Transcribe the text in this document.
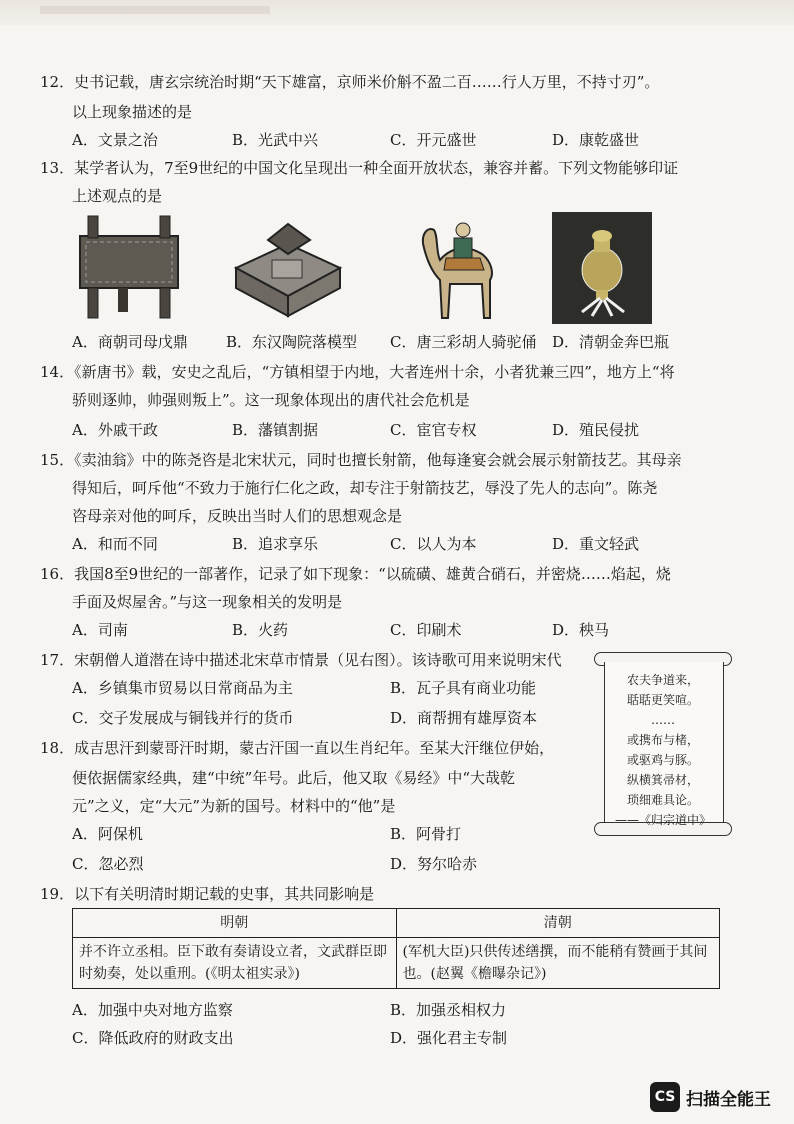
12．史书记载，唐玄宗统治时期“天下雄富，京师米价斛不盈二百……行人万里，不持寸刃”。
以上现象描述的是
A．文景之治	B．光武中兴	C．开元盛世	D．康乾盛世
13．某学者认为，7至9世纪的中国文化呈现出一种全面开放状态，兼容并蓄。下列文物能够印证
上述观点的是
A．商朝司母戊鼎	B．东汉陶院落模型 C．唐三彩胡人骑驼俑 D．清朝金奔巴瓶
14．《新唐书》载，安史之乱后，“方镇相望于内地，大者连州十余，小者犹兼三四”，地方上“将
骄则逐帅，帅强则叛上”。这一现象体现出的唐代社会危机是
A．外戚干政	B．藩镇割据	C．宦官专权	D．殖民侵扰
15．《卖油翁》中的陈尧咨是北宋状元，同时也擅长射箭，他每逢宴会就会展示射箭技艺。其母亲
得知后，呵斥他“不致力于施行仁化之政，却专注于射箭技艺，辱没了先人的志向”。陈尧
咨母亲对他的呵斥，反映出当时人们的思想观念是
A．和而不同	B．追求享乐	C．以人为本	D．重文轻武
16．我国8至9世纪的一部著作，记录了如下现象：“以硫磺、雄黄合硝石，并密烧……焰起，烧
手面及烬屋舍。”与这一现象相关的发明是
A．司南	B．火药	C．印刷术	D．秧马
17．宋朝僧人道潜在诗中描述北宋草市情景（见右图）。该诗歌可用来说明宋代
A．乡镇集市贸易以日常商品为主	B．瓦子具有商业功能
C．交子发展成与铜钱并行的货币	D．商帮拥有雄厚资本
农夫争道来，
聒聒更笑喧。
……
或携布与楮，
或驱鸡与豚。
纵横箕帚材，
琐细难具论。
——《归宗道中》
18．成吉思汗到蒙哥汗时期，蒙古汗国一直以生肖纪年。至某大汗继位伊始，
便依据儒家经典，建“中统”年号。此后，他又取《易经》中“大哉乾
元”之义，定“大元”为新的国号。材料中的“他”是
A．阿保机	B．阿骨打
C．忽必烈	D．努尔哈赤
19．以下有关明清时期记载的史事，其共同影响是
明朝	清朝
并不许立丞相。臣下敢有奏请设立者，文武群臣即时劾奏，处以重刑。(《明太祖实录》)	(军机大臣)只供传述缮撰，而不能稍有赞画于其间也。(赵翼《檐曝杂记》)
A．加强中央对地方监察	B．加强丞相权力
C．降低政府的财政支出	D．强化君主专制
CS 扫描全能王
